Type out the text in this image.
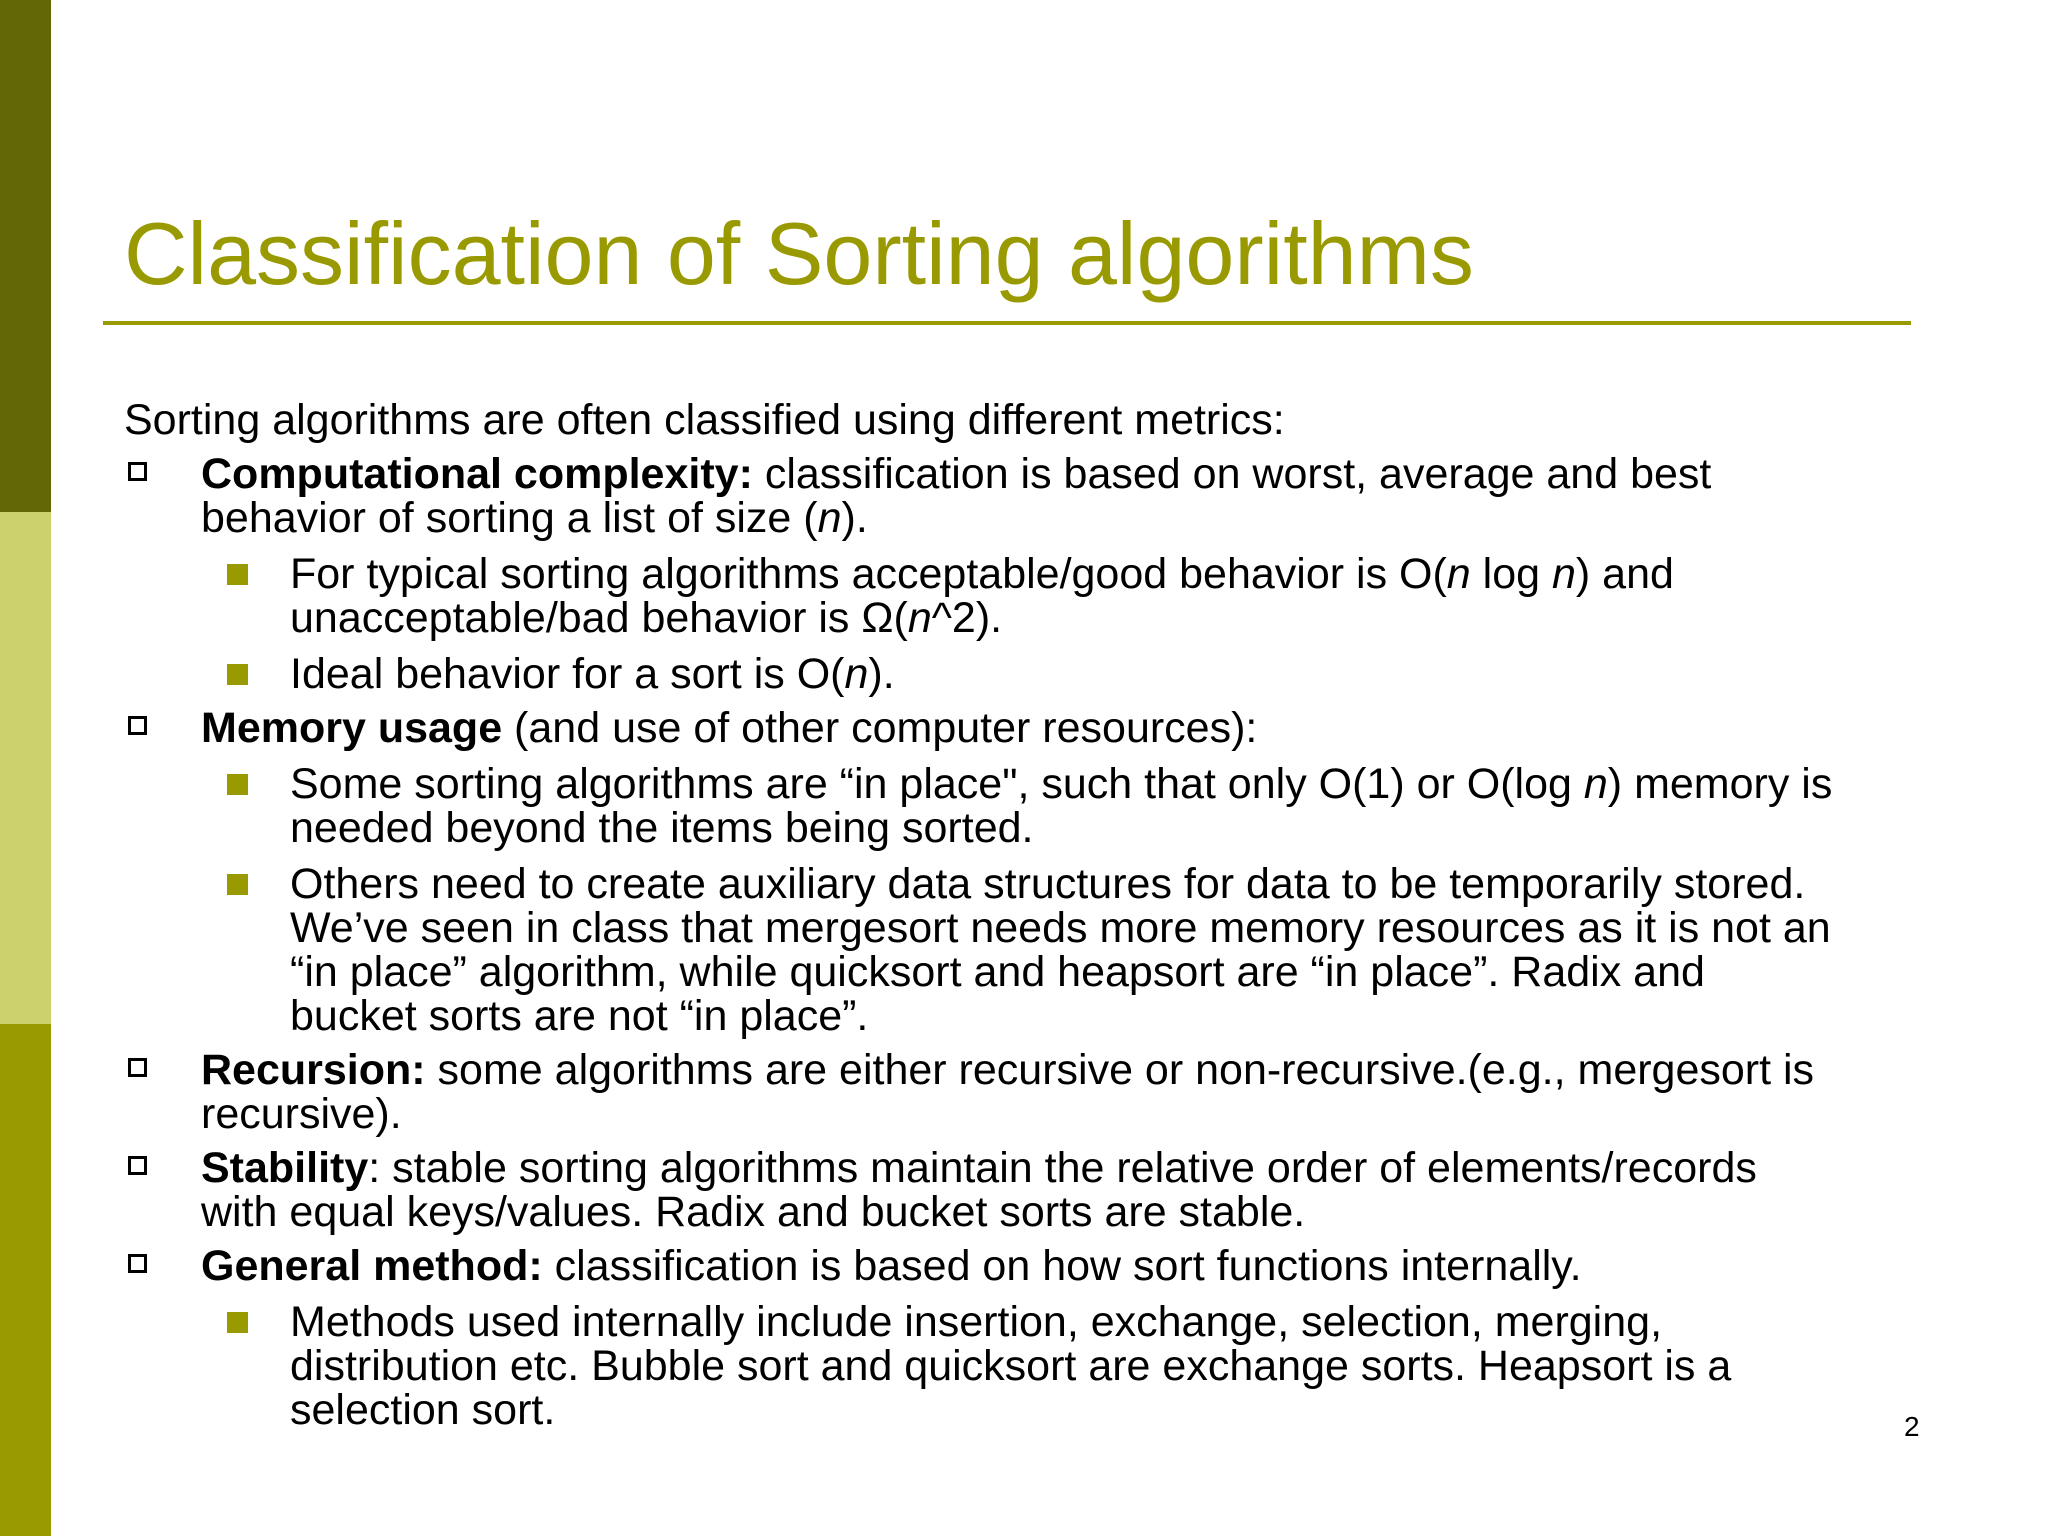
Classification of Sorting algorithms

Sorting algorithms are often classified using different metrics:

Computational complexity: classification is based on worst, average and best
behavior of sorting a list of size (n).
For typical sorting algorithms acceptable/good behavior is O(n log n) and
unacceptable/bad behavior is Ω(n^2).
Ideal behavior for a sort is O(n).
Memory usage (and use of other computer resources):
Some sorting algorithms are “in place", such that only O(1) or O(log n) memory is
needed beyond the items being sorted.
Others need to create auxiliary data structures for data to be temporarily stored.
We’ve seen in class that mergesort needs more memory resources as it is not an
“in place” algorithm, while quicksort and heapsort are “in place”. Radix and
bucket sorts are not “in place”.
Recursion: some algorithms are either recursive or non-recursive.(e.g., mergesort is
recursive).
Stability: stable sorting algorithms maintain the relative order of elements/records
with equal keys/values. Radix and bucket sorts are stable.
General method: classification is based on how sort functions internally.
Methods used internally include insertion, exchange, selection, merging,
distribution etc. Bubble sort and quicksort are exchange sorts. Heapsort is a
selection sort.	2
